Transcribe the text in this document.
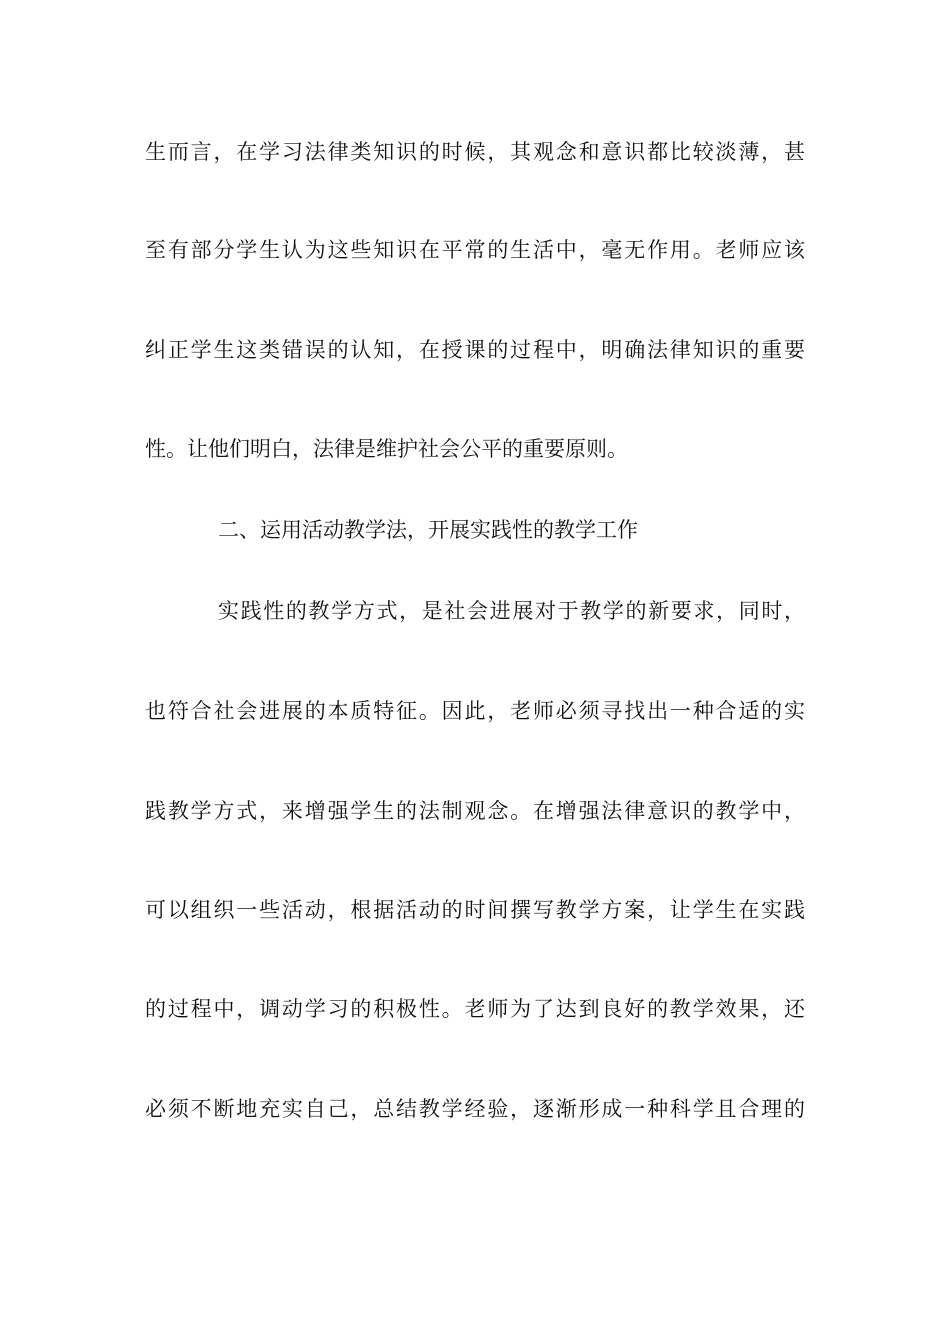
生而言，在学习法律类知识的时候，其观念和意识都比较淡薄，甚
至有部分学生认为这些知识在平常的生活中，毫无作用。老师应该
纠正学生这类错误的认知，在授课的过程中，明确法律知识的重要
性。让他们明白，法律是维护社会公平的重要原则。
二、运用活动教学法，开展实践性的教学工作
实践性的教学方式，是社会进展对于教学的新要求，同时，
也符合社会进展的本质特征。因此，老师必须寻找出一种合适的实
践教学方式，来增强学生的法制观念。在增强法律意识的教学中，
可以组织一些活动，根据活动的时间撰写教学方案，让学生在实践
的过程中，调动学习的积极性。老师为了达到良好的教学效果，还
必须不断地充实自己，总结教学经验，逐渐形成一种科学且合理的
